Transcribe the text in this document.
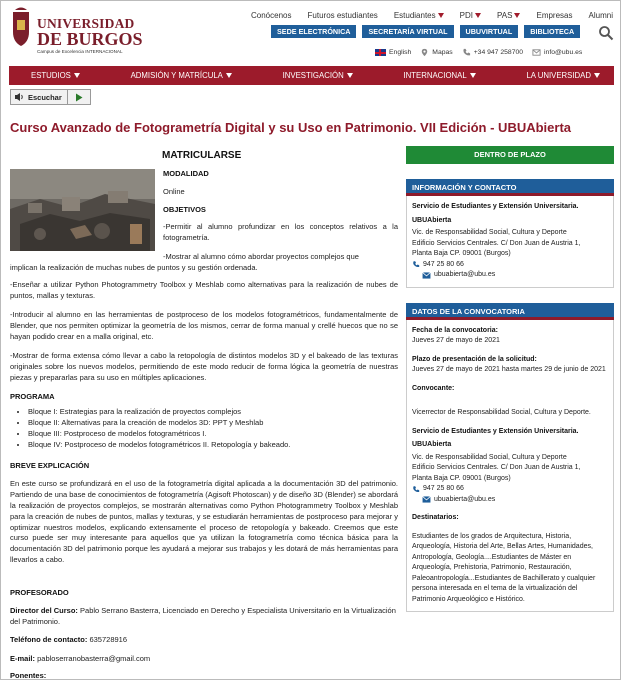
UNIVERSIDAD
DE BURGOS
Campus de Excelencia INTERNACIONAL
Conócenos Futuros estudiantes Estudiantes	PDI	PAS	Empresas Alumni
SEDE ELECTRÓNICA	SECRETARÍA VIRTUAL	UBUVIRTUAL	BIBLIOTECA
English	Mapas	+34 947 258700	info@ubu.es
ESTUDIOS	ADMISIÓN Y MATRÍCULA	INVESTIGACIÓN	INTERNACIONAL	LA UNIVERSIDAD
Escuchar
Curso Avanzado de Fotogrametría Digital y su Uso en Patrimonio. VII Edición - UBUAbierta
MATRICULARSE
MODALIDAD
Online
OBJETIVOS
-Permitir al alumno profundizar en los conceptos relativos a la fotogrametría.
-Mostrar al alumno cómo abordar proyectos complejos que
implican la realización de muchas nubes de puntos y su gestión ordenada.
-Enseñar a utilizar Python Photogrammetry Toolbox y Meshlab como alternativas para la realización de nubes de puntos, mallas y texturas.
-Introducir al alumno en las herramientas de postproceso de los modelos fotogramétricos, fundamentalmente de Blender, que nos permiten optimizar la geometría de los mismos, cerrar de forma manual y crellé huecos que no se hayan podido crear en a malla original, etc.
-Mostrar de forma extensa cómo llevar a cabo la retopología de distintos modelos 3D y el bakeado de las texturas originales sobre los nuevos modelos, permitiendo de este modo reducir de forma lógica la geometría de nuestras piezas y prepararlas para su uso en múltiples aplicaciones.
PROGRAMA
• Bloque I: Estrategias para la realización de proyectos complejos
• Bloque II: Alternativas para la creación de modelos 3D: PPT y Meshlab
• Bloque III: Postproceso de modelos fotogramétricos I.
• Bloque IV: Postproceso de modelos fotogramétricos II. Retopología y bakeado.
BREVE EXPLICACIÓN
En este curso se profundizará en el uso de la fotogrametría digital aplicada a la documentación 3D del patrimonio. Partiendo de una base de conocimientos de fotogrametría (Agisoft Photoscan) y de diseño 3D (Blender) se abordará la realización de proyectos complejos, se mostrarán alternativas como Python Photogrammetry Toolbox y Meshlab para la creación de nubes de puntos, mallas y texturas, y se estudiarán herramientas de postproceso para mejorar y optimizar nuestros modelos, explicando extensamente el proceso de retopología y bakeado. Creemos que este curso puede ser muy interesante para aquellos que ya utilizan la fotogrametría como técnica básica para la documentación 3D del patrimonio porque les ayudará a mejorar sus trabajos y les dotará de más herramientas para llevarlos a cabo.
PROFESORADO
Director del Curso: Pablo Serrano Basterra, Licenciado en Derecho y Especialista Universitario en la Virtualización del Patrimonio.
Teléfono de contacto: 635728916
E-mail: pabloserranobasterra@gmail.com
Ponentes:
DENTRO DE PLAZO
INFORMACIÓN Y CONTACTO
Servicio de Estudiantes y Extensión Universitaria.
UBUAbierta
Vic. de Responsabilidad Social, Cultura y Deporte
Edificio Servicios Centrales. C/ Don Juan de Austria 1,
Planta Baja CP. 09001 (Burgos)
947 25 80 66
ubuabierta@ubu.es
DATOS DE LA CONVOCATORIA
Fecha de la convocatoria:
Jueves 27 de mayo de 2021
Plazo de presentación de la solicitud:
Jueves 27 de mayo de 2021 hasta martes 29 de junio de 2021
Convocante:
Vicerrector de Responsabilidad Social, Cultura y Deporte.
Servicio de Estudiantes y Extensión Universitaria.
UBUAbierta
Vic. de Responsabilidad Social, Cultura y Deporte
Edificio Servicios Centrales. C/ Don Juan de Austria 1,
Planta Baja CP. 09001 (Burgos)
947 25 80 66
ubuabierta@ubu.es
Destinatarios:
Estudiantes de los grados de Arquitectura, Historia, Arqueología, Historia del Arte, Bellas Artes, Humanidades, Antropología, Geología....Estudiantes de Máster en Arqueología, Prehistoria, Patrimonio, Restauración, Paleoantropología...Estudiantes de Bachillerato y cualquier persona interesada en el tema de la virtualización del Patrimonio Arqueológico e Histórico.
